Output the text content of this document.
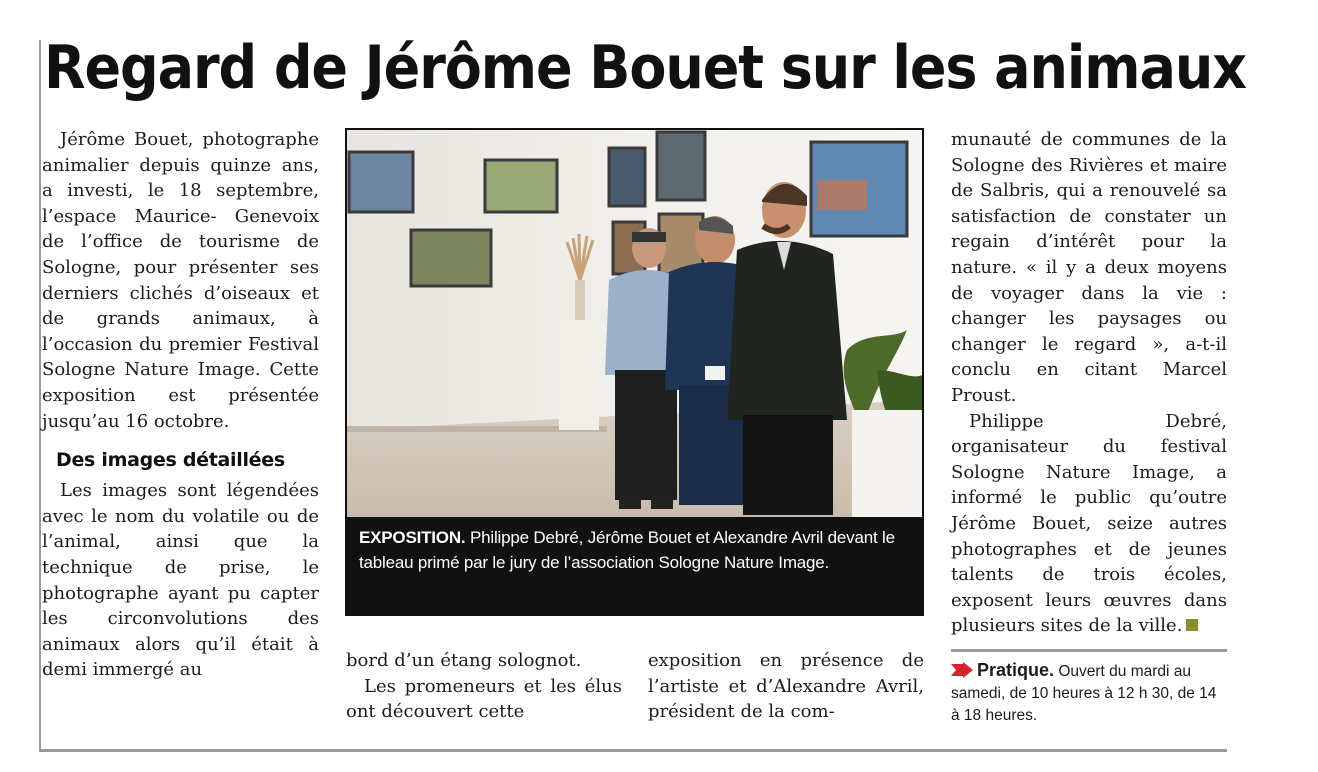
Regard de Jérôme Bouet sur les animaux

Jérôme Bouet, photographe animalier depuis quinze ans, a investi, le 18 septembre, l’espace Maurice- Genevoix de l’office de tourisme de Sologne, pour présenter ses derniers clichés d’oiseaux et de grands animaux, à l’occasion du premier Festival Sologne Nature Image. Cette exposition est présentée jusqu’au 16 octobre.

Des images détaillées

Les images sont légendées avec le nom du volatile ou de l’animal, ainsi que la technique de prise, le photographe ayant pu capter les circonvolutions des animaux alors qu’il était à demi immergé au

EXPOSITION. Philippe Debré, Jérôme Bouet et Alexandre Avril devant le tableau primé par le jury de l’association Sologne Nature Image.

bord d’un étang solognot.

Les promeneurs et les élus ont découvert cette

exposition en présence de l’artiste et d’Alexandre Avril, président de la com-

munauté de communes de la Sologne des Rivières et maire de Salbris, qui a renouvelé sa satisfaction de constater un regain d’intérêt pour la nature. « il y a deux moyens de voyager dans la vie : changer les paysages ou changer le regard », a-t-il conclu en citant Marcel Proust.

Philippe Debré, organisateur du festival Sologne Nature Image, a informé le public qu’outre Jérôme Bouet, seize autres photographes et de jeunes talents de trois écoles, exposent leurs œuvres dans plusieurs sites de la ville.

Pratique. Ouvert du mardi au samedi, de 10 heures à 12 h 30, de 14 à 18 heures.
